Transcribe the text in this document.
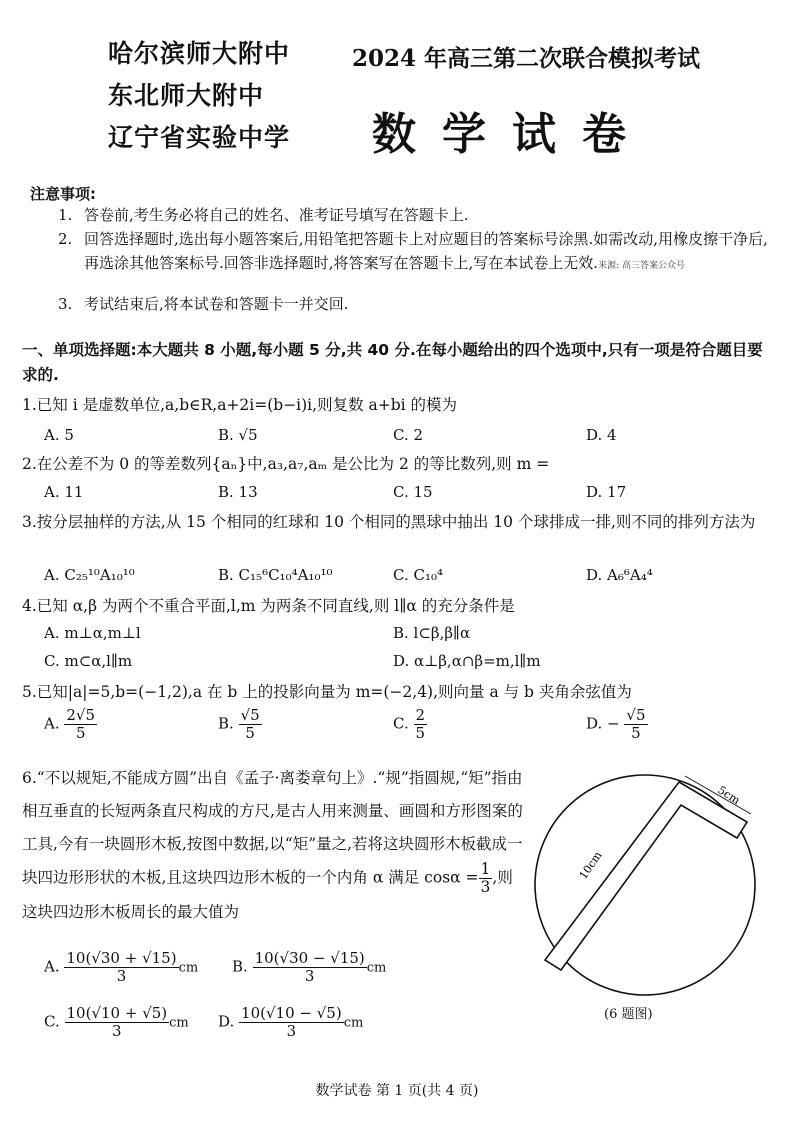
哈尔滨师大附中
东北师大附中
辽宁省实验中学
2024 年高三第二次联合模拟考试
数学试卷
注意事项:
1. 答卷前,考生务必将自己的姓名、准考证号填写在答题卡上.
2. 回答选择题时,选出每小题答案后,用铅笔把答题卡上对应题目的答案标号涂黑.如需改动,用橡皮擦干净后,再选涂其他答案标号.回答非选择题时,将答案写在答题卡上,写在本试卷上无效.来源: 高三答案公众号
3. 考试结束后,将本试卷和答题卡一并交回.
一、单项选择题:本大题共 8 小题,每小题 5 分,共 40 分.在每小题给出的四个选项中,只有一项是符合题目要求的.
1.已知 i 是虚数单位,a,b∈R,a+2i=(b−i)i,则复数 a+bi 的模为
A. 5	B. √5	C. 2	D. 4
2.在公差不为 0 的等差数列{aₙ}中,a₃,a₇,aₘ 是公比为 2 的等比数列,则 m =
A. 11	B. 13	C. 15	D. 17
3.按分层抽样的方法,从 15 个相同的红球和 10 个相同的黑球中抽出 10 个球排成一排,则不同的排列方法为
A. C₂₅¹⁰A₁₀¹⁰	B. C₁₅⁶C₁₀⁴A₁₀¹⁰	C. C₁₀⁴	D. A₆⁶A₄⁴
4.已知 α,β 为两个不重合平面,l,m 为两条不同直线,则 l∥α 的充分条件是
A. m⊥α,m⊥l	B. l⊂β,β∥α
C. m⊂α,l∥m	D. α⊥β,α∩β=m,l∥m
5.已知|a|=5,b=(−1,2),a 在 b 上的投影向量为 m=(−2,4),则向量 a 与 b 夹角余弦值为
A. $\frac{2√5}{5}$	B. $\frac{√5}{5}$	C. $\frac{2}{5}$	D. − $\frac{√5}{5}$
6.“不以规矩,不能成方圆”出自《孟子·离娄章句上》.“规”指圆规,“矩”指由相互垂直的长短两条直尺构成的方尺,是古人用来测量、画圆和方形图案的工具,今有一块圆形木板,按图中数据,以“矩”量之,若将这块圆形木板截成一块四边形形状的木板,且这块四边形木板的一个内角 α 满足 $\cos\alpha = \frac{1}{3}$ ,则这块四边形木板周长的最大值为
A. $\frac{10(√30 + √15)}{3}$ cm B. $\frac{10(√30 - √15)}{3}$ cm
C. $\frac{10(√10 + √5)}{3}$ cm D. $\frac{10(√10 - √5)}{3}$ cm
5cm
10cm
(6 题图)
数学试卷 第 1 页(共 4 页)
